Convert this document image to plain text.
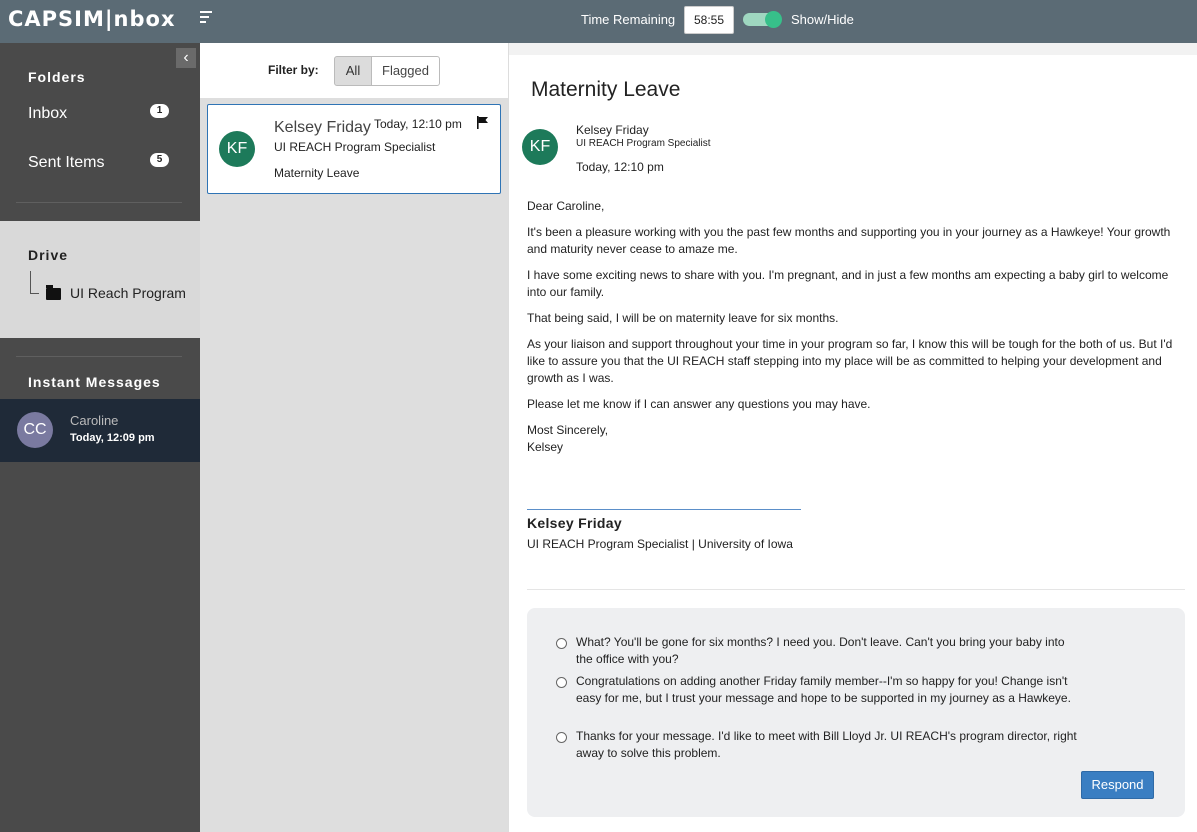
CAPSIM|nbox	Time Remaining	58:55	Show/Hide
‹
Folders
Inbox	1
Sent Items	5
Drive
UI Reach Program
Instant Messages
CC
Caroline
Today, 12:09 pm
Filter by:	All	Flagged
KF
Kelsey Friday Today, 12:10 pm
UI REACH Program Specialist
Maternity Leave
Maternity Leave
KF
Kelsey Friday
UI REACH Program Specialist
Today, 12:10 pm

Dear Caroline,

It's been a pleasure working with you the past few months and supporting you in your journey as a Hawkeye! Your growth and maturity never cease to amaze me.

I have some exciting news to share with you. I'm pregnant, and in just a few months am expecting a baby girl to welcome into our family.

That being said, I will be on maternity leave for six months.

As your liaison and support throughout your time in your program so far, I know this will be tough for the both of us. But I'd like to assure you that the UI REACH staff stepping into my place will be as committed to helping your development and growth as I was.

Please let me know if I can answer any questions you may have.

Most Sincerely,

Kelsey

Kelsey Friday
UI REACH Program Specialist | University of Iowa
What? You'll be gone for six months? I need you. Don't leave. Can't you bring your baby into the office with you?
Congratulations on adding another Friday family member--I'm so happy for you! Change isn't easy for me, but I trust your message and hope to be supported in my journey as a Hawkeye.
Thanks for your message. I'd like to meet with Bill Lloyd Jr. UI REACH's program director, right away to solve this problem.
Respond
